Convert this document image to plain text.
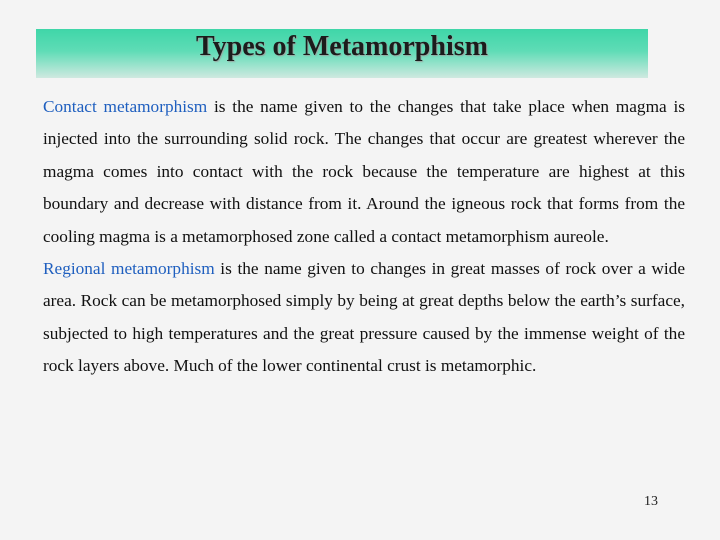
Types of Metamorphism

Contact metamorphism is the name given to the changes that take place when magma is injected into the surrounding solid rock. The changes that occur are greatest wherever the magma comes into contact with the rock because the temperature are highest at this boundary and decrease with distance from it. Around the igneous rock that forms from the cooling magma is a metamorphosed zone called a contact metamorphism aureole.

Regional metamorphism is the name given to changes in great masses of rock over a wide area. Rock can be metamorphosed simply by being at great depths below the earth’s surface, subjected to high temperatures and the great pressure caused by the immense weight of the rock layers above. Much of the lower continental crust is metamorphic.

13
